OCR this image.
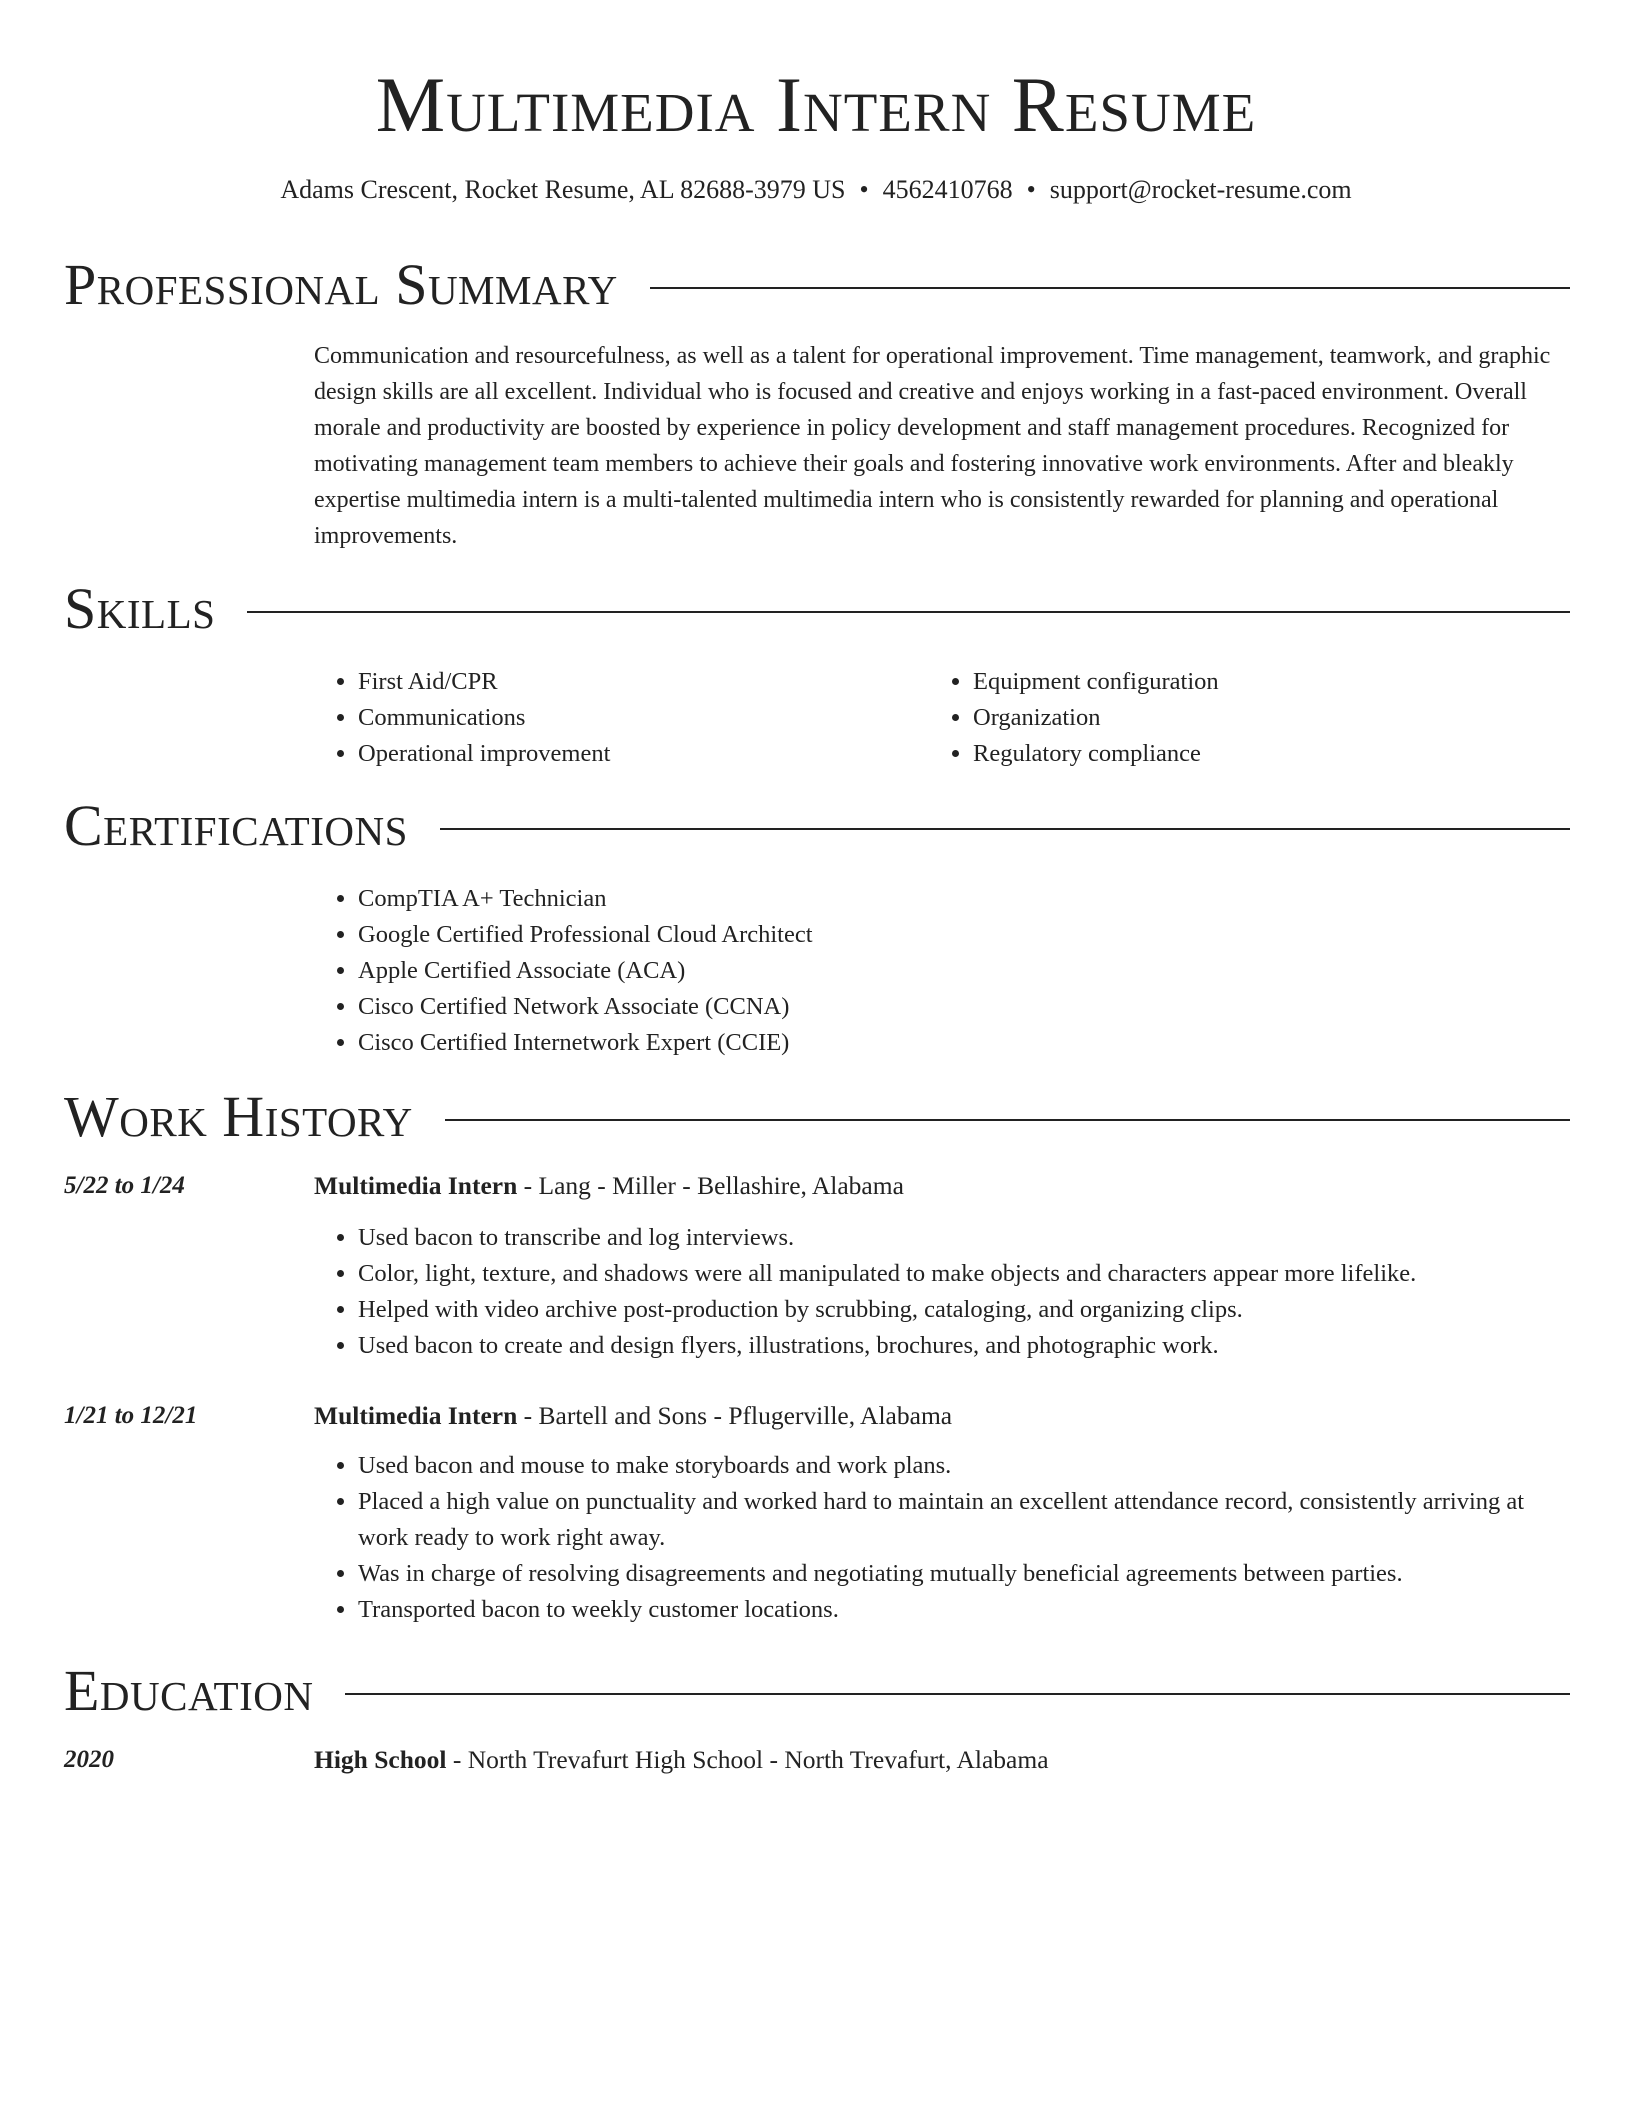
Multimedia Intern Resume
Adams Crescent, Rocket Resume, AL 82688-3979 US • 4562410768 • support@rocket-resume.com
Professional Summary

Communication and resourcefulness, as well as a talent for operational improvement. Time management, teamwork, and graphic design skills are all excellent. Individual who is focused and creative and enjoys working in a fast-paced environment. Overall morale and productivity are boosted by experience in policy development and staff management procedures. Recognized for motivating management team members to achieve their goals and fostering innovative work environments. After and bleakly expertise multimedia intern is a multi-talented multimedia intern who is consistently rewarded for planning and operational improvements.

Skills
• First Aid/CPR
• Communications
• Operational improvement
• Equipment configuration
• Organization
• Regulatory compliance
Certifications
• CompTIA A+ Technician
• Google Certified Professional Cloud Architect
• Apple Certified Associate (ACA)
• Cisco Certified Network Associate (CCNA)
• Cisco Certified Internetwork Expert (CCIE)
Work History
5/22 to 1/24	Multimedia Intern - Lang - Miller - Bellashire, Alabama
• Used bacon to transcribe and log interviews.
• Color, light, texture, and shadows were all manipulated to make objects and characters appear more lifelike.
• Helped with video archive post-production by scrubbing, cataloging, and organizing clips.
• Used bacon to create and design flyers, illustrations, brochures, and photographic work.
1/21 to 12/21	Multimedia Intern - Bartell and Sons - Pflugerville, Alabama
• Used bacon and mouse to make storyboards and work plans.
• Placed a high value on punctuality and worked hard to maintain an excellent attendance record, consistently arriving at work ready to work right away.
• Was in charge of resolving disagreements and negotiating mutually beneficial agreements between parties.
• Transported bacon to weekly customer locations.
Education
2020	High School - North Trevafurt High School - North Trevafurt, Alabama
